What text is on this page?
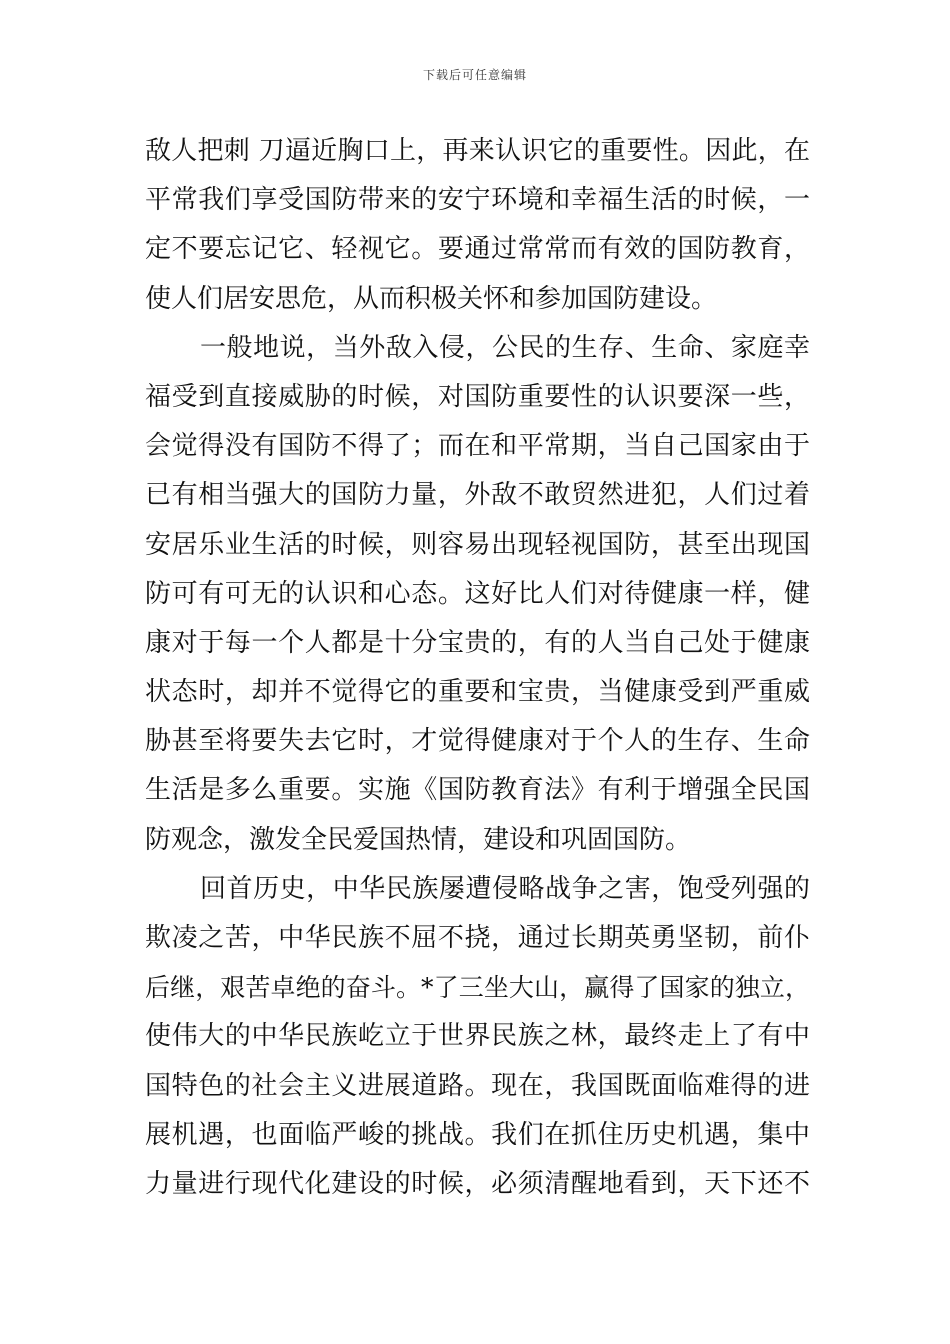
下载后可任意编辑
敌人把刺 刀逼近胸口上，再来认识它的重要性。因此，在
平常我们享受国防带来的安宁环境和幸福生活的时候，一
定不要忘记它、轻视它。要通过常常而有效的国防教育，
使人们居安思危，从而积极关怀和参加国防建设。
一般地说，当外敌入侵，公民的生存、生命、家庭幸
福受到直接威胁的时候，对国防重要性的认识要深一些，
会觉得没有国防不得了；而在和平常期，当自己国家由于
已有相当强大的国防力量，外敌不敢贸然进犯，人们过着
安居乐业生活的时候，则容易出现轻视国防，甚至出现国
防可有可无的认识和心态。这好比人们对待健康一样，健
康对于每一个人都是十分宝贵的，有的人当自己处于健康
状态时，却并不觉得它的重要和宝贵，当健康受到严重威
胁甚至将要失去它时，才觉得健康对于个人的生存、生命
生活是多么重要。实施《国防教育法》有利于增强全民国
防观念，激发全民爱国热情，建设和巩固国防。
回首历史，中华民族屡遭侵略战争之害，饱受列强的
欺凌之苦，中华民族不屈不挠，通过长期英勇坚韧，前仆
后继，艰苦卓绝的奋斗。*了三坐大山，赢得了国家的独立，
使伟大的中华民族屹立于世界民族之林，最终走上了有中
国特色的社会主义进展道路。现在，我国既面临难得的进
展机遇，也面临严峻的挑战。我们在抓住历史机遇，集中
力量进行现代化建设的时候，必须清醒地看到，天下还不
